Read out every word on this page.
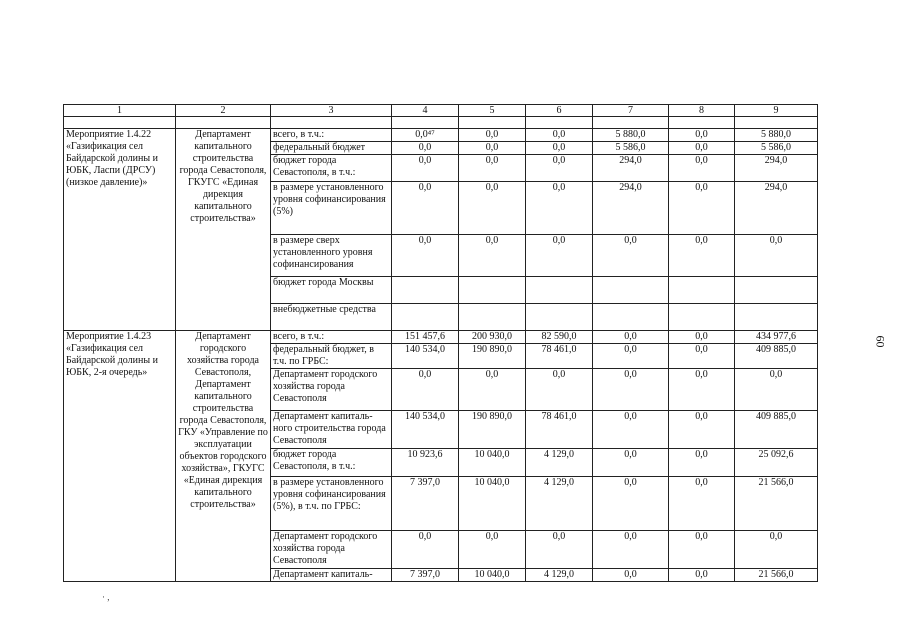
1	2	3	4	5	6	7	8	9

Мероприятие 1.4.22 «Газификация сел Байдарской долины и ЮБК, Ласпи (ДРСУ) (низкое давление)»	Департамент капитального строительства города Севастополя, ГКУГС «Единая дирекция капитального строительства»	всего, в т.ч.:	0,0⁴⁷	0,0	0,0	5 880,0	0,0	5 880,0
		федеральный бюджет	0,0	0,0	0,0	5 586,0	0,0	5 586,0
		бюджет города Севастополя, в т.ч.:	0,0	0,0	0,0	294,0	0,0	294,0
		в размере установленного уровня софинансирования (5%)	0,0	0,0	0,0	294,0	0,0	294,0
		в размере сверх установленного уровня софинансирования	0,0	0,0	0,0	0,0	0,0	0,0
		бюджет города Москвы						
		внебюджетные средства						
Мероприятие 1.4.23 «Газификация сел Байдарской долины и ЮБК, 2-я очередь»	Департамент городского хозяйства города Севастополя, Департамент капитального строительства города Севастополя, ГКУ «Управление по эксплуатации объектов городского хозяйства», ГКУГС «Единая дирекция капитального строительства»	всего, в т.ч.:	151 457,6	200 930,0	82 590,0	0,0	0,0	434 977,6
		федеральный бюджет, в т.ч. по ГРБС:	140 534,0	190 890,0	78 461,0	0,0	0,0	409 885,0
		Департамент городского хозяйства города Севастополя	0,0	0,0	0,0	0,0	0,0	0,0
		Департамент капиталь-ного строительства города Севастополя	140 534,0	190 890,0	78 461,0	0,0	0,0	409 885,0
		бюджет города Севастополя, в т.ч.:	10 923,6	10 040,0	4 129,0	0,0	0,0	25 092,6
		в размере установленного уровня софинансирования (5%), в т.ч. по ГРБС:	7 397,0	10 040,0	4 129,0	0,0	0,0	21 566,0
		Департамент городского хозяйства города Севастополя	0,0	0,0	0,0	0,0	0,0	0,0
		Департамент капиталь-	7 397,0	10 040,0	4 129,0	0,0	0,0	21 566,0
60
· ,
